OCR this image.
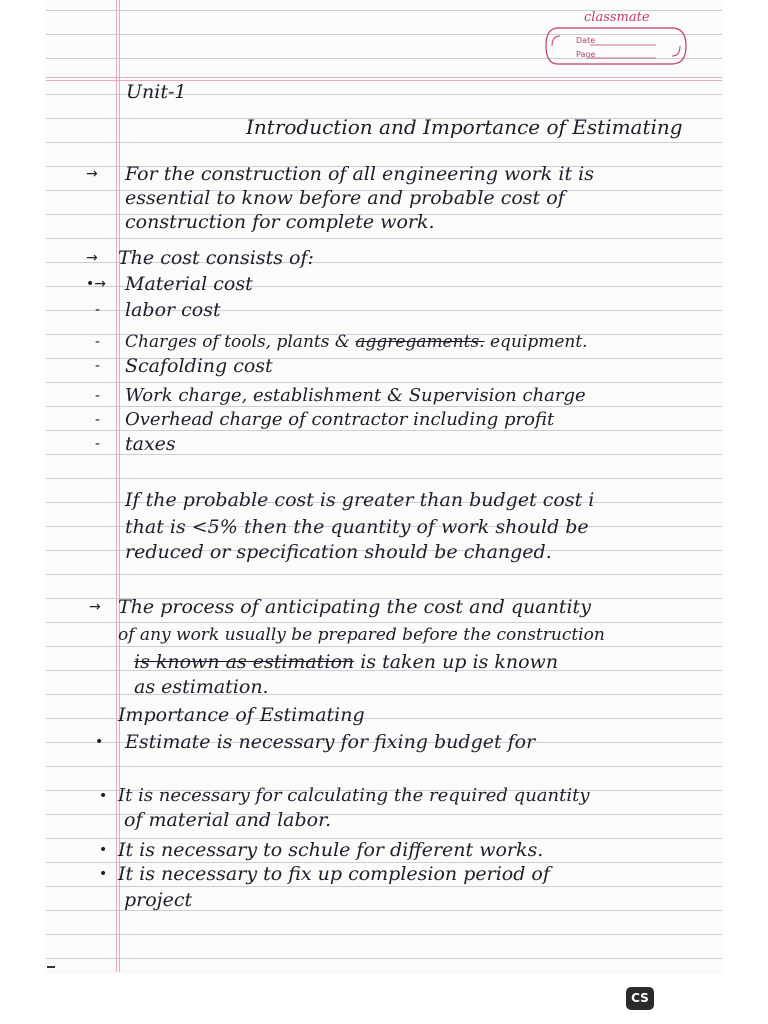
classmate
Date
Page
Unit-1
Introduction and Importance of Estimating
→ For the construction of all engineering work it is
essential to know before and probable cost of
construction for complete work.
→ The cost consists of:
•→ Material cost
- labor cost
- Charges of tools, plants & aggregaments. equipment.
- Scafolding cost
- Work charge, establishment & Supervision charge
- Overhead charge of contractor including profit
- taxes
If the probable cost is greater than budget cost i
that is <5% then the quantity of work should be
reduced or specification should be changed.
→ The process of anticipating the cost and quantity
of any work usually be prepared before the construction
is known as estimation is taken up is known
as estimation.
Importance of Estimating
• Estimate is necessary for fixing budget for
• It is necessary for calculating the required quantity
of material and labor.
• It is necessary to schule for different works.
• It is necessary to fix up complesion period of
project
CS
